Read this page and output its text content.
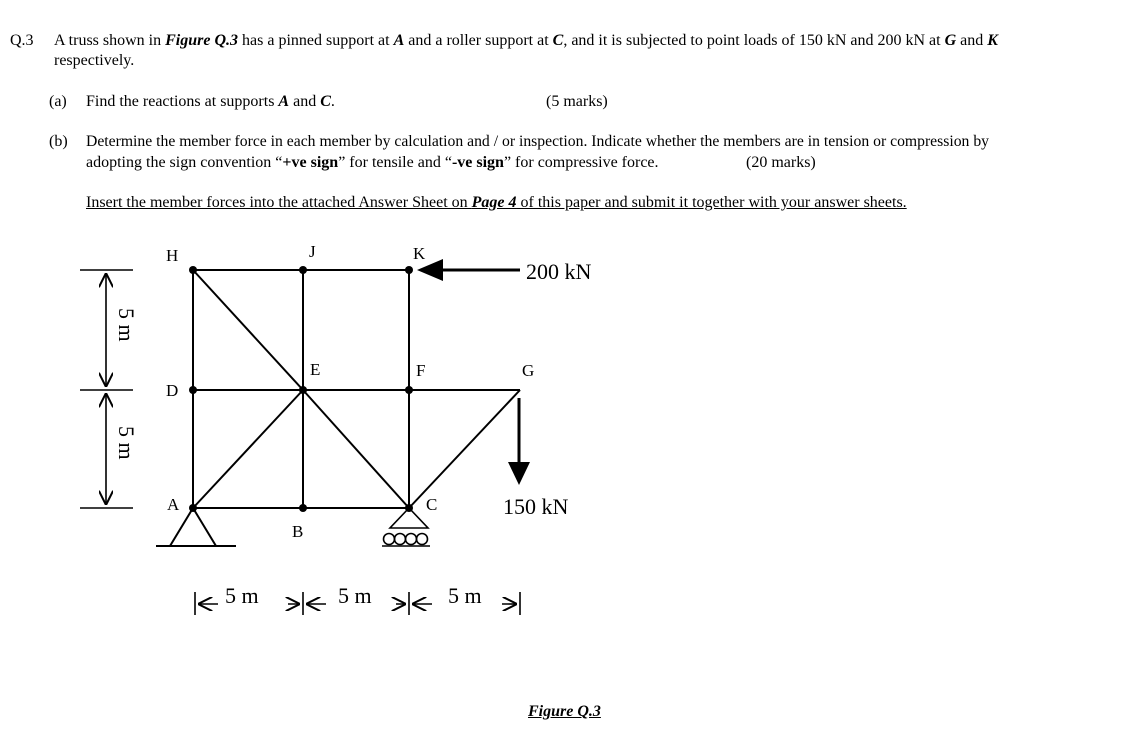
Q.3 A truss shown in Figure Q.3 has a pinned support at A and a roller support at C, and it is subjected to point loads of 150 kN and 200 kN at G and K
respectively.
(a) Find the reactions at supports A and C.	(5 marks)
(b) Determine the member force in each member by calculation and / or inspection. Indicate whether the members are in tension or compression by
adopting the sign convention “+ve sign” for tensile and “-ve sign” for compressive force.	(20 marks)
Insert the member forces into the attached Answer Sheet on Page 4 of this paper and submit it together with your answer sheets.
H	J	K
D
E	F	G
A
B
C
200 kN
150 kN
5 m
5 m
5 m	5 m	5 m
Figure Q.3
